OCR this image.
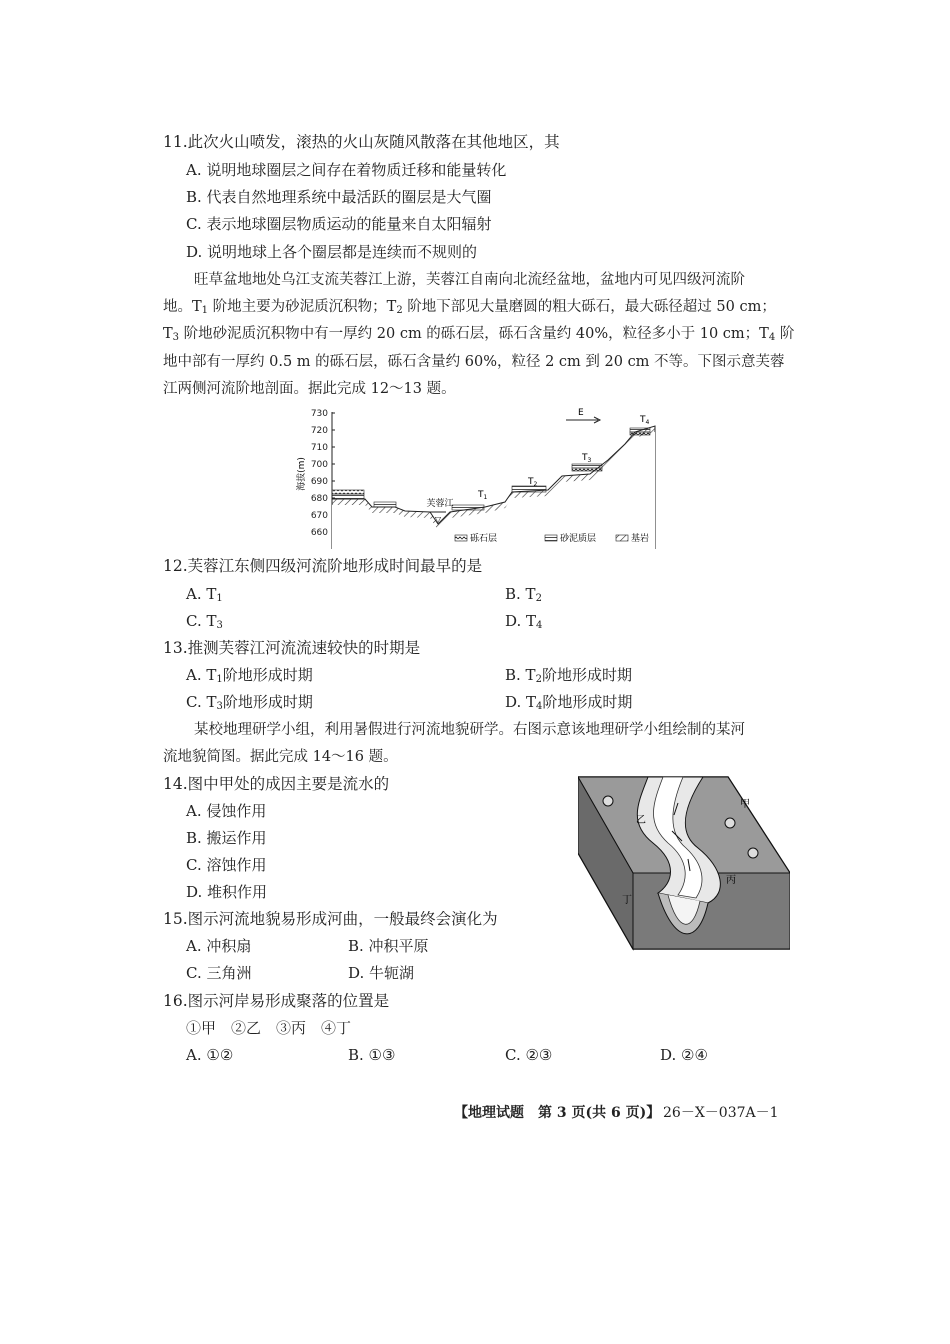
11.此次火山喷发，滚热的火山灰随风散落在其他地区，其
A. 说明地球圈层之间存在着物质迁移和能量转化
B. 代表自然地理系统中最活跃的圈层是大气圈
C. 表示地球圈层物质运动的能量来自太阳辐射
D. 说明地球上各个圈层都是连续而不规则的
旺草盆地地处乌江支流芙蓉江上游，芙蓉江自南向北流经盆地，盆地内可见四级河流阶
地。$T_1$ 阶地主要为砂泥质沉积物；$T_2$ 阶地下部见大量磨圆的粗大砾石，最大砾径超过 50 cm；
$T_3$ 阶地砂泥质沉积物中有一厚约 20 cm 的砾石层，砾石含量约 40%，粒径多小于 10 cm；$T_4$ 阶
地中部有一厚约 0.5 m 的砾石层，砾石含量约 60%，粒径 2 cm 到 20 cm 不等。下图示意芙蓉
江两侧河流阶地剖面。据此完成 12～13 题。
730
720
710
700
690
680
670
660
海拔(m)
▽
芙蓉江
$T_1$
$T_2$
$T_3$
$T_4$
E
砾石层	砂泥质层	基岩
12.芙蓉江东侧四级河流阶地形成时间最早的是
A. $T_1$	B. $T_2$
C. $T_3$	D. $T_4$
13.推测芙蓉江河流流速较快的时期是
A. $T_1$阶地形成时期	B. $T_2$阶地形成时期
C. $T_3$阶地形成时期	D. $T_4$阶地形成时期
某校地理研学小组，利用暑假进行河流地貌研学。右图示意该地理研学小组绘制的某河
流地貌简图。据此完成 14～16 题。
14.图中甲处的成因主要是流水的
A. 侵蚀作用
B. 搬运作用
C. 溶蚀作用
D. 堆积作用
甲
乙
丙
丁
15.图示河流地貌易形成河曲，一般最终会演化为
A. 冲积扇	B. 冲积平原
C. 三角洲	D. 牛轭湖
16.图示河岸易形成聚落的位置是
①甲　②乙　③丙　④丁
A. ①②	B. ①③	C. ②③	D. ②④
【地理试题　第 3 页(共 6 页)】 26－X－037A－1
